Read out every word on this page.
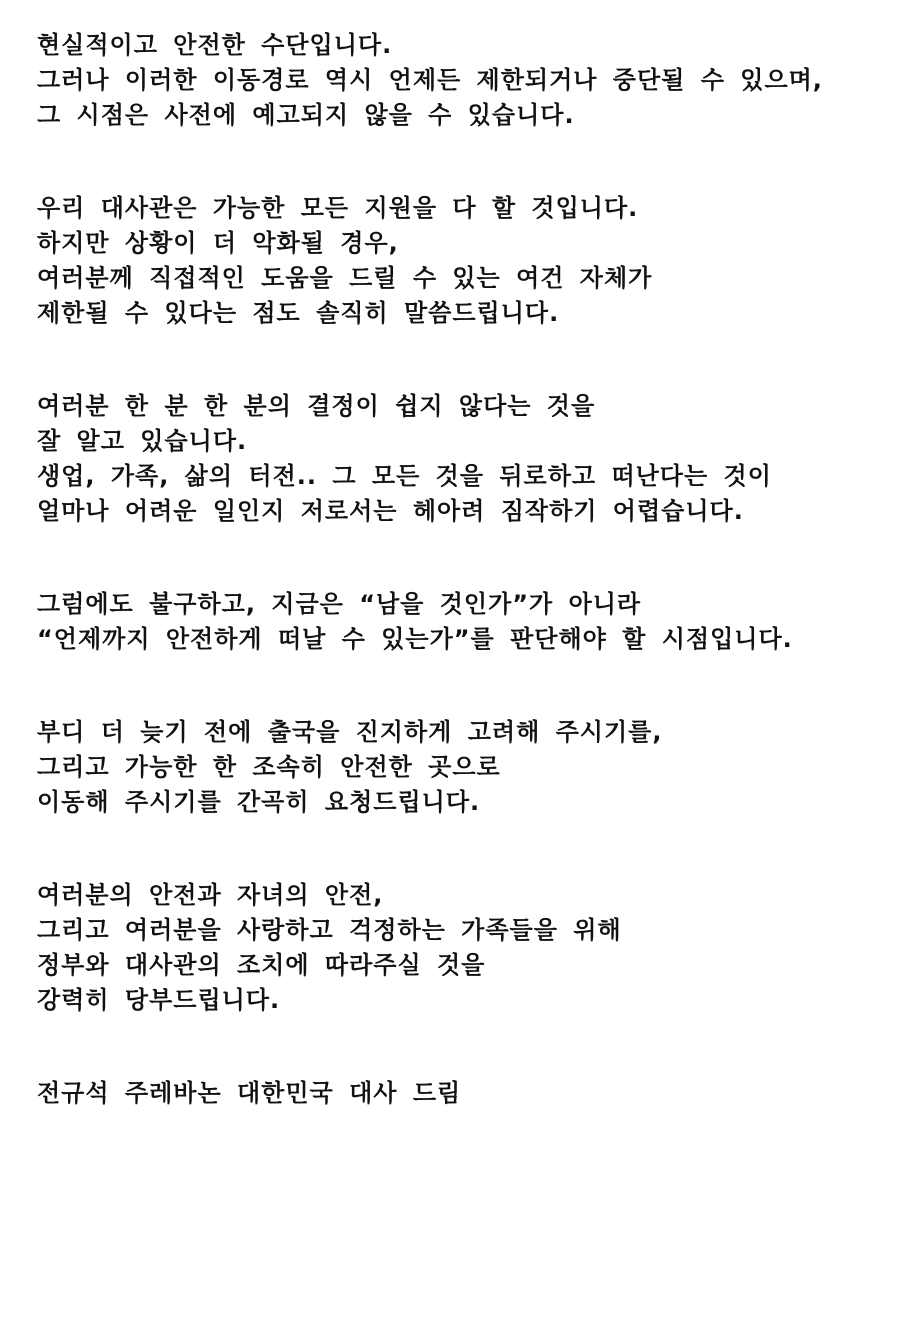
현실적이고 안전한 수단입니다.
그러나 이러한 이동경로 역시 언제든 제한되거나 중단될 수 있으며,
그 시점은 사전에 예고되지 않을 수 있습니다.
우리 대사관은 가능한 모든 지원을 다 할 것입니다.
하지만 상황이 더 악화될 경우,
여러분께 직접적인 도움을 드릴 수 있는 여건 자체가
제한될 수 있다는 점도 솔직히 말씀드립니다.
여러분 한 분 한 분의 결정이 쉽지 않다는 것을
잘 알고 있습니다.
생업, 가족, 삶의 터전.. 그 모든 것을 뒤로하고 떠난다는 것이
얼마나 어려운 일인지 저로서는 헤아려 짐작하기 어렵습니다.
그럼에도 불구하고, 지금은 “남을 것인가”가 아니라
“언제까지 안전하게 떠날 수 있는가”를 판단해야 할 시점입니다.
부디 더 늦기 전에 출국을 진지하게 고려해 주시기를,
그리고 가능한 한 조속히 안전한 곳으로
이동해 주시기를 간곡히 요청드립니다.
여러분의 안전과 자녀의 안전,
그리고 여러분을 사랑하고 걱정하는 가족들을 위해
정부와 대사관의 조치에 따라주실 것을
강력히 당부드립니다.
전규석 주레바논 대한민국 대사 드림
